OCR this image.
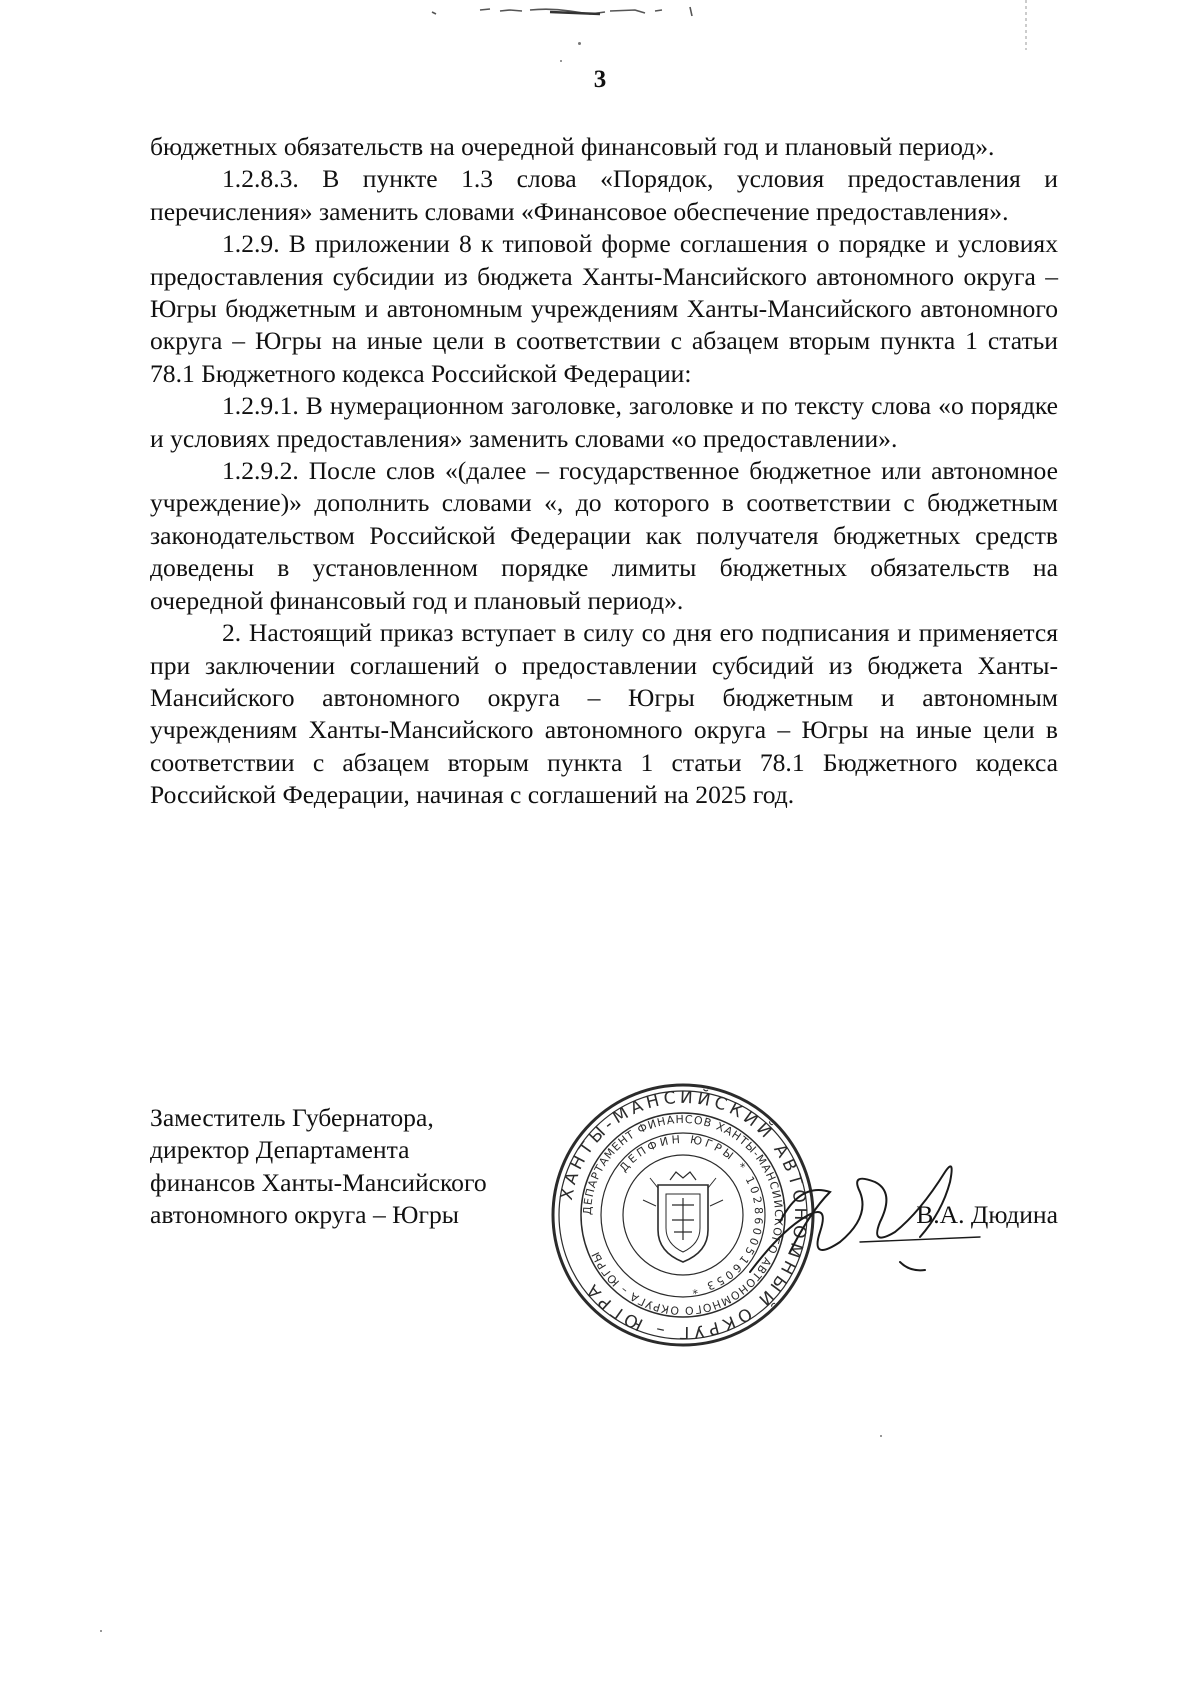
3

бюджетных обязательств на очередной финансовый год и плановый период».

1.2.8.3. В пункте 1.3 слова «Порядок, условия предоставления и перечисления» заменить словами «Финансовое обеспечение предоставления».

1.2.9. В приложении 8 к типовой форме соглашения о порядке и условиях предоставления субсидии из бюджета Ханты-Мансийского автономного округа – Югры бюджетным и автономным учреждениям Ханты-Мансийского автономного округа – Югры на иные цели в соответствии с абзацем вторым пункта 1 статьи 78.1 Бюджетного кодекса Российской Федерации:

1.2.9.1. В нумерационном заголовке, заголовке и по тексту слова «о порядке и условиях предоставления» заменить словами «о предоставлении».

1.2.9.2. После слов «(далее – государственное бюджетное или автономное учреждение)» дополнить словами «, до которого в соответствии с бюджетным законодательством Российской Федерации как получателя бюджетных средств доведены в установленном порядке лимиты бюджетных обязательств на очередной финансовый год и плановый период».

2. Настоящий приказ вступает в силу со дня его подписания и применяется при заключении соглашений о предоставлении субсидий из бюджета Ханты-Мансийского автономного округа – Югры бюджетным и автономным учреждениям Ханты-Мансийского автономного округа – Югры на иные цели в соответствии с абзацем вторым пункта 1 статьи 78.1 Бюджетного кодекса Российской Федерации, начиная с соглашений на 2025 год.

Заместитель Губернатора,
директор Департамента
финансов Ханты-Мансийского
автономного округа – Югры
ХАНТЫ-МАНСИЙСКИЙ АВТОНОМНЫЙ ОКРУГ – ЮГРА
ДЕПАРТАМЕНТ ФИНАНСОВ ХАНТЫ-МАНСИЙСКОГО АВТОНОМНОГО ОКРУГА – ЮГРЫ
ДЕПФИН ЮГРЫ * 1028600516053 *
В.А. Дюдина
